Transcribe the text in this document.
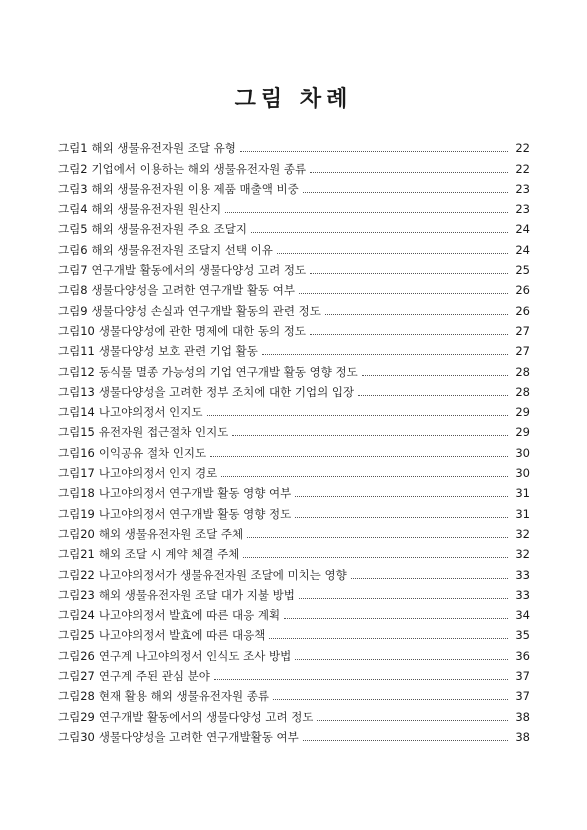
그림 차례
그림1 해외 생물유전자원 조달 유형	22
그림2 기업에서 이용하는 해외 생물유전자원 종류	22
그림3 해외 생물유전자원 이용 제품 매출액 비중	23
그림4 해외 생물유전자원 원산지	23
그림5 해외 생물유전자원 주요 조달지	24
그림6 해외 생물유전자원 조달지 선택 이유	24
그림7 연구개발 활동에서의 생물다양성 고려 정도	25
그림8 생물다양성을 고려한 연구개발 활동 여부	26
그림9 생물다양성 손실과 연구개발 활동의 관련 정도	26
그림10 생물다양성에 관한 명제에 대한 동의 정도	27
그림11 생물다양성 보호 관련 기업 활동	27
그림12 동식물 멸종 가능성의 기업 연구개발 활동 영향 정도	28
그림13 생물다양성을 고려한 정부 조치에 대한 기업의 입장	28
그림14 나고야의정서 인지도	29
그림15 유전자원 접근절차 인지도	29
그림16 이익공유 절차 인지도	30
그림17 나고야의정서 인지 경로	30
그림18 나고야의정서 연구개발 활동 영향 여부	31
그림19 나고야의정서 연구개발 활동 영향 정도	31
그림20 해외 생물유전자원 조달 주체	32
그림21 해외 조달 시 계약 체결 주체	32
그림22 나고야의정서가 생물유전자원 조달에 미치는 영향	33
그림23 해외 생물유전자원 조달 대가 지불 방법	33
그림24 나고야의정서 발효에 따른 대응 계획	34
그림25 나고야의정서 발효에 따른 대응책	35
그림26 연구계 나고야의정서 인식도 조사 방법	36
그림27 연구계 주된 관심 분야	37
그림28 현재 활용 해외 생물유전자원 종류	37
그림29 연구개발 활동에서의 생물다양성 고려 정도	38
그림30 생물다양성을 고려한 연구개발활동 여부	38
